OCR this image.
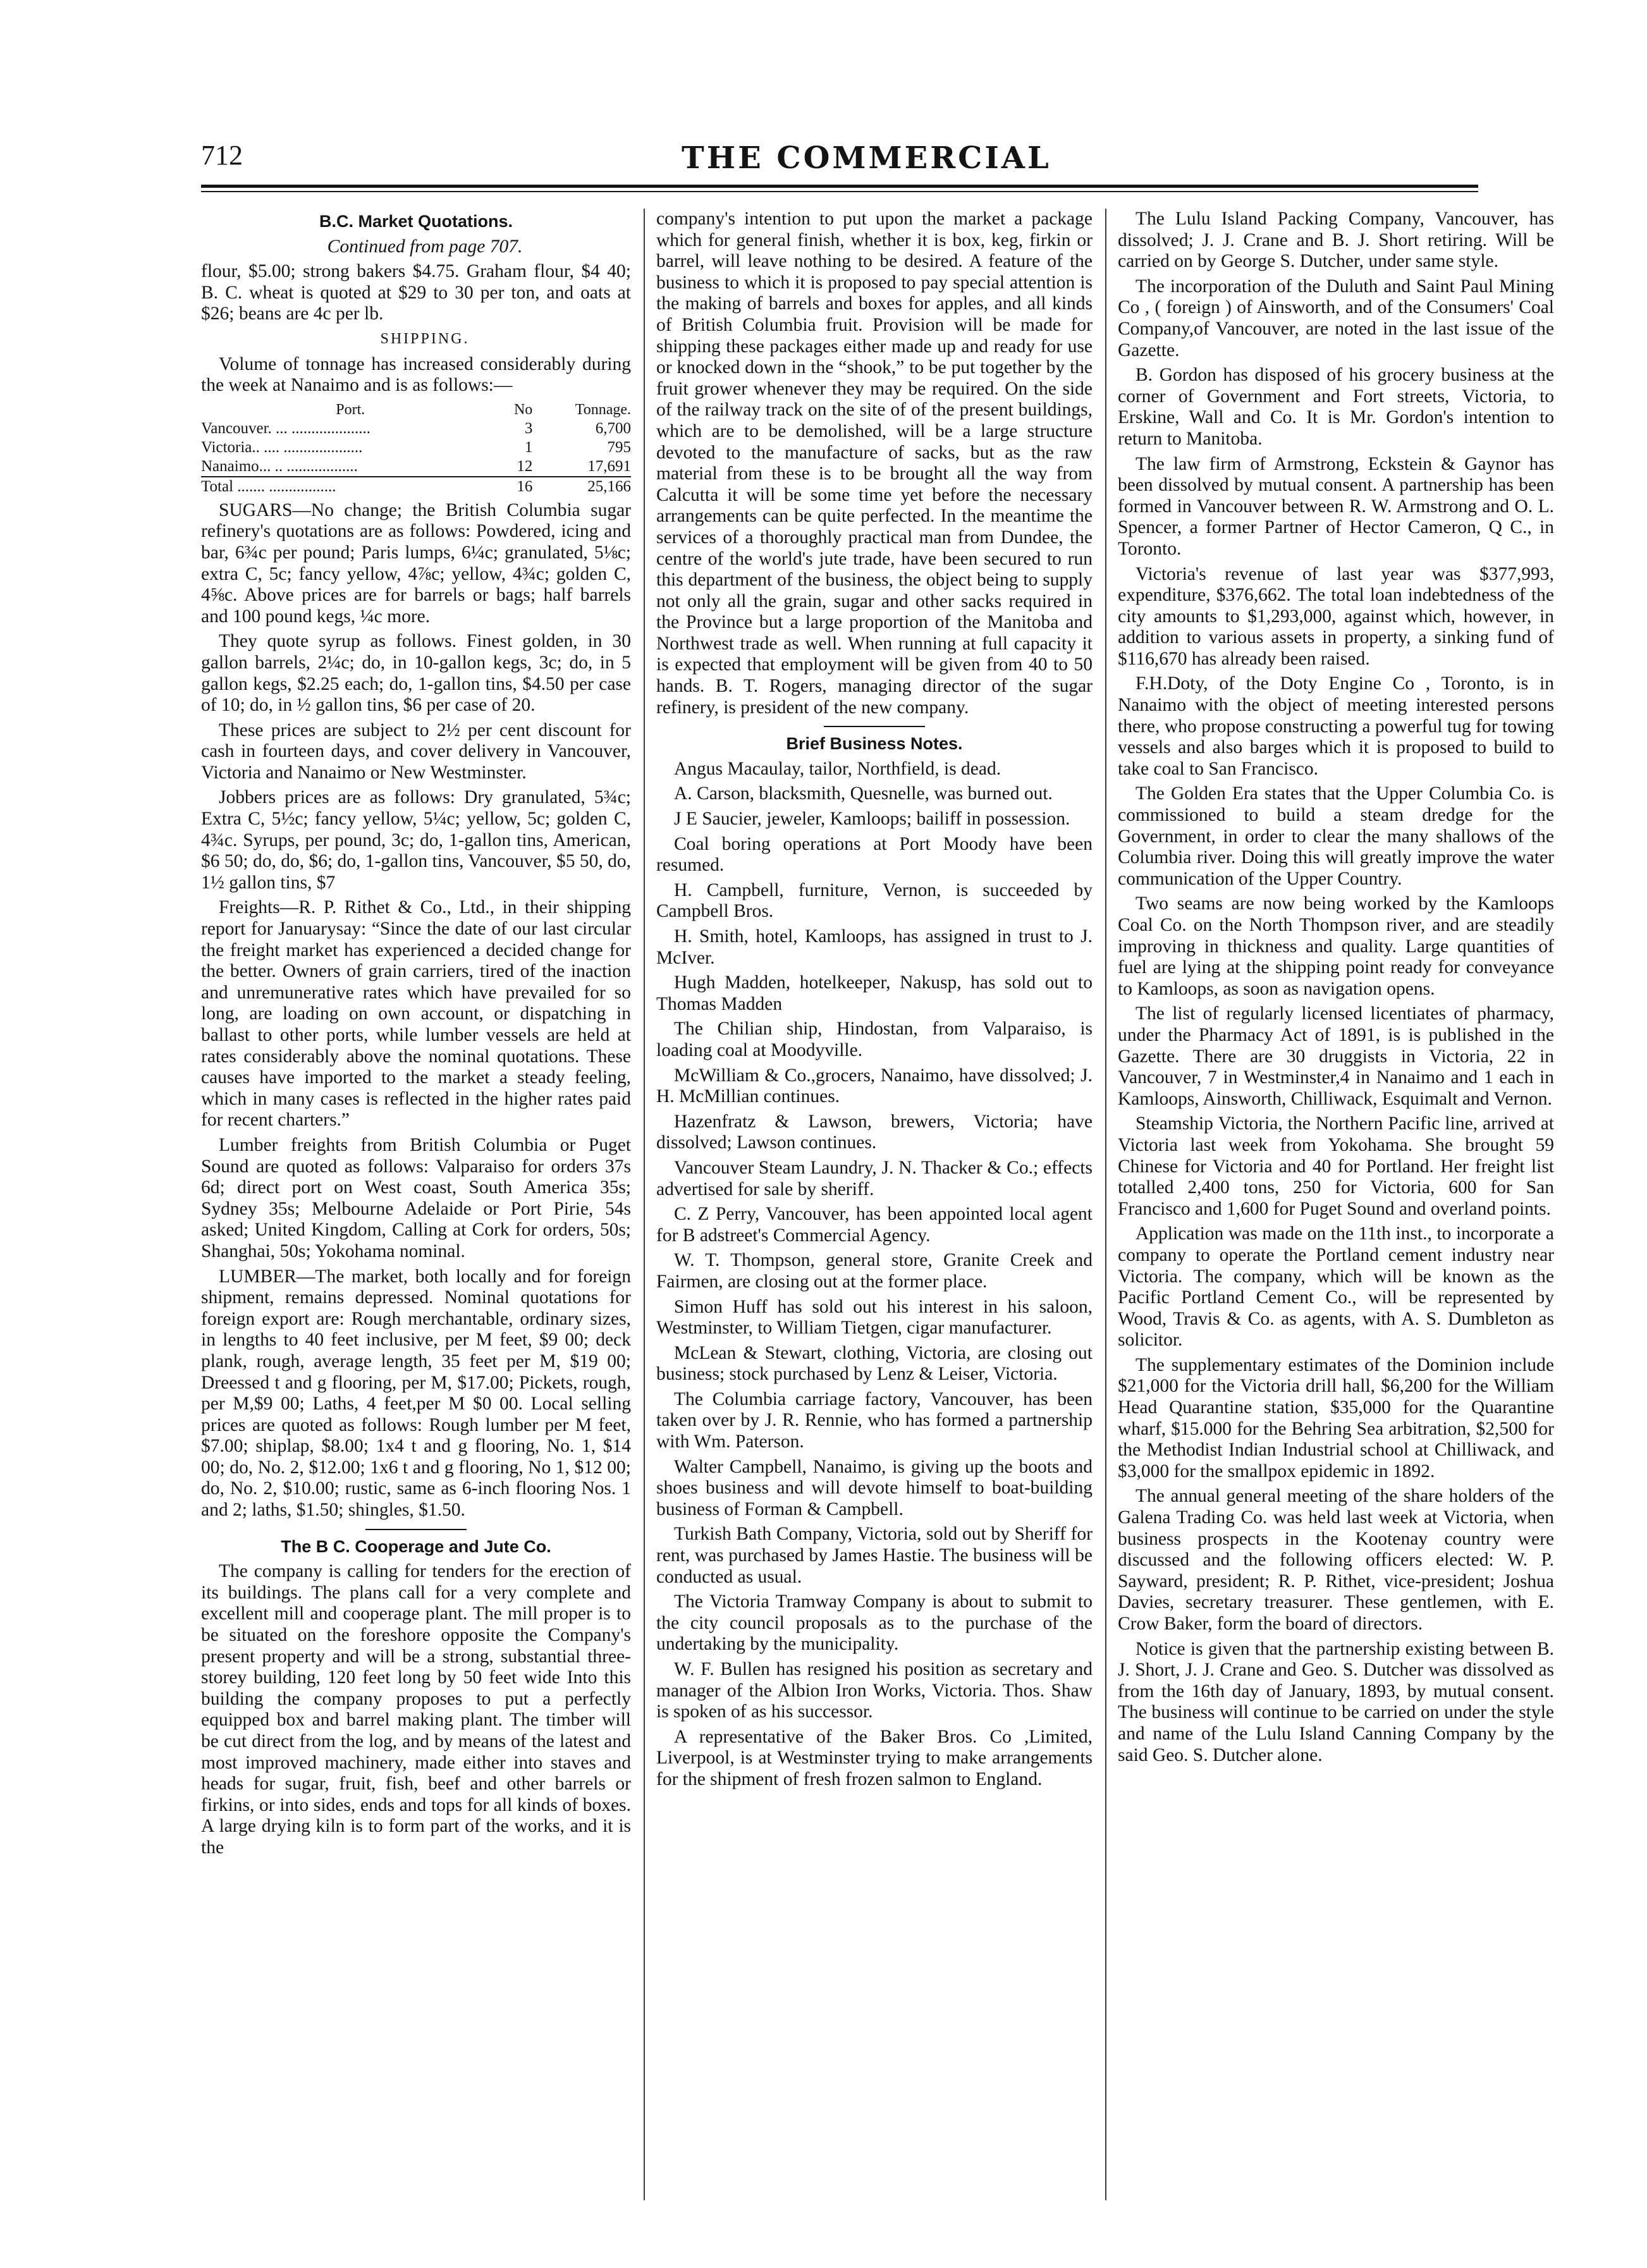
712	THE COMMERCIAL
B.C. Market Quotations.

Continued from page 707.

flour, $5.00; strong bakers $4.75. Graham flour, $4 40; B. C. wheat is quoted at $29 to 30 per ton, and oats at $26; beans are 4c per lb.

SHIPPING.

Volume of tonnage has increased considerably during the week at Nanaimo and is as follows:—

Port.	No	Tonnage.
Vancouver. ... ....................	3	6,700
Victoria.. .... ....................	1	795
Nanaimo... .. ..................	12	17,691
Total ....... .................	16	25,166

SUGARS—No change; the British Columbia sugar refinery's quotations are as follows: Powdered, icing and bar, 6¾c per pound; Paris lumps, 6¼c; granulated, 5⅛c; extra C, 5c; fancy yellow, 4⅞c; yellow, 4¾c; golden C, 4⅝c. Above prices are for barrels or bags; half barrels and 100 pound kegs, ¼c more.

They quote syrup as follows. Finest golden, in 30 gallon barrels, 2¼c; do, in 10-gallon kegs, 3c; do, in 5 gallon kegs, $2.25 each; do, 1-gallon tins, $4.50 per case of 10; do, in ½ gallon tins, $6 per case of 20.

These prices are subject to 2½ per cent discount for cash in fourteen days, and cover delivery in Vancouver, Victoria and Nanaimo or New Westminster.

Jobbers prices are as follows: Dry granulated, 5¾c; Extra C, 5½c; fancy yellow, 5¼c; yellow, 5c; golden C, 4¾c. Syrups, per pound, 3c; do, 1-gallon tins, American, $6 50; do, do, $6; do, 1-gallon tins, Vancouver, $5 50, do, 1½ gallon tins, $7

Freights—R. P. Rithet & Co., Ltd., in their shipping report for Januarysay: “Since the date of our last circular the freight market has experienced a decided change for the better. Owners of grain carriers, tired of the inaction and unremunerative rates which have prevailed for so long, are loading on own account, or dispatching in ballast to other ports, while lumber vessels are held at rates considerably above the nominal quotations. These causes have imported to the market a steady feeling, which in many cases is reflected in the higher rates paid for recent charters.”

Lumber freights from British Columbia or Puget Sound are quoted as follows: Valparaiso for orders 37s 6d; direct port on West coast, South America 35s; Sydney 35s; Melbourne Adelaide or Port Pirie, 54s asked; United Kingdom, Calling at Cork for orders, 50s; Shanghai, 50s; Yokohama nominal.

LUMBER—The market, both locally and for foreign shipment, remains depressed. Nominal quotations for foreign export are: Rough merchantable, ordinary sizes, in lengths to 40 feet inclusive, per M feet, $9 00; deck plank, rough, average length, 35 feet per M, $19 00; Dreessed t and g flooring, per M, $17.00; Pickets, rough, per M,$9 00; Laths, 4 feet,per M $0 00. Local selling prices are quoted as follows: Rough lumber per M feet, $7.00; shiplap, $8.00; 1x4 t and g flooring, No. 1, $14 00; do, No. 2, $12.00; 1x6 t and g flooring, No 1, $12 00; do, No. 2, $10.00; rustic, same as 6-inch flooring Nos. 1 and 2; laths, $1.50; shingles, $1.50.

The B C. Cooperage and Jute Co.

The company is calling for tenders for the erection of its buildings. The plans call for a very complete and excellent mill and cooperage plant. The mill proper is to be situated on the foreshore opposite the Company's present property and will be a strong, substantial three-storey building, 120 feet long by 50 feet wide Into this building the company proposes to put a perfectly equipped box and barrel making plant. The timber will be cut direct from the log, and by means of the latest and most improved machinery, made either into staves and heads for sugar, fruit, fish, beef and other barrels or firkins, or into sides, ends and tops for all kinds of boxes. A large drying kiln is to form part of the works, and it is the

company's intention to put upon the market a package which for general finish, whether it is box, keg, firkin or barrel, will leave nothing to be desired. A feature of the business to which it is proposed to pay special attention is the making of barrels and boxes for apples, and all kinds of British Columbia fruit. Provision will be made for shipping these packages either made up and ready for use or knocked down in the “shook,” to be put together by the fruit grower whenever they may be required. On the side of the railway track on the site of of the present buildings, which are to be demolished, will be a large structure devoted to the manufacture of sacks, but as the raw material from these is to be brought all the way from Calcutta it will be some time yet before the necessary arrangements can be quite perfected. In the meantime the services of a thoroughly practical man from Dundee, the centre of the world's jute trade, have been secured to run this department of the business, the object being to supply not only all the grain, sugar and other sacks required in the Province but a large proportion of the Manitoba and Northwest trade as well. When running at full capacity it is expected that employment will be given from 40 to 50 hands. B. T. Rogers, managing director of the sugar refinery, is president of the new company.

Brief Business Notes.

Angus Macaulay, tailor, Northfield, is dead.

A. Carson, blacksmith, Quesnelle, was burned out.

J E Saucier, jeweler, Kamloops; bailiff in possession.

Coal boring operations at Port Moody have been resumed.

H. Campbell, furniture, Vernon, is succeeded by Campbell Bros.

H. Smith, hotel, Kamloops, has assigned in trust to J. McIver.

Hugh Madden, hotelkeeper, Nakusp, has sold out to Thomas Madden

The Chilian ship, Hindostan, from Valparaiso, is loading coal at Moodyville.

McWilliam & Co.,grocers, Nanaimo, have dissolved; J. H. McMillian continues.

Hazenfratz & Lawson, brewers, Victoria; have dissolved; Lawson continues.

Vancouver Steam Laundry, J. N. Thacker & Co.; effects advertised for sale by sheriff.

C. Z Perry, Vancouver, has been appointed local agent for B adstreet's Commercial Agency.

W. T. Thompson, general store, Granite Creek and Fairmen, are closing out at the former place.

Simon Huff has sold out his interest in his saloon, Westminster, to William Tietgen, cigar manufacturer.

McLean & Stewart, clothing, Victoria, are closing out business; stock purchased by Lenz & Leiser, Victoria.

The Columbia carriage factory, Vancouver, has been taken over by J. R. Rennie, who has formed a partnership with Wm. Paterson.

Walter Campbell, Nanaimo, is giving up the boots and shoes business and will devote himself to boat-building business of Forman & Campbell.

Turkish Bath Company, Victoria, sold out by Sheriff for rent, was purchased by James Hastie. The business will be conducted as usual.

The Victoria Tramway Company is about to submit to the city council proposals as to the purchase of the undertaking by the municipality.

W. F. Bullen has resigned his position as secretary and manager of the Albion Iron Works, Victoria. Thos. Shaw is spoken of as his successor.

A representative of the Baker Bros. Co ,Limited, Liverpool, is at Westminster trying to make arrangements for the shipment of fresh frozen salmon to England.

The Lulu Island Packing Company, Vancouver, has dissolved; J. J. Crane and B. J. Short retiring. Will be carried on by George S. Dutcher, under same style.

The incorporation of the Duluth and Saint Paul Mining Co , ( foreign ) of Ainsworth, and of the Consumers' Coal Company,of Vancouver, are noted in the last issue of the Gazette.

B. Gordon has disposed of his grocery business at the corner of Government and Fort streets, Victoria, to Erskine, Wall and Co. It is Mr. Gordon's intention to return to Manitoba.

The law firm of Armstrong, Eckstein & Gaynor has been dissolved by mutual consent. A partnership has been formed in Vancouver between R. W. Armstrong and O. L. Spencer, a former Partner of Hector Cameron, Q C., in Toronto.

Victoria's revenue of last year was $377,993, expenditure, $376,662. The total loan indebtedness of the city amounts to $1,293,000, against which, however, in addition to various assets in property, a sinking fund of $116,670 has already been raised.

F.H.Doty, of the Doty Engine Co , Toronto, is in Nanaimo with the object of meeting interested persons there, who propose constructing a powerful tug for towing vessels and also barges which it is proposed to build to take coal to San Francisco.

The Golden Era states that the Upper Columbia Co. is commissioned to build a steam dredge for the Government, in order to clear the many shallows of the Columbia river. Doing this will greatly improve the water communication of the Upper Country.

Two seams are now being worked by the Kamloops Coal Co. on the North Thompson river, and are steadily improving in thickness and quality. Large quantities of fuel are lying at the shipping point ready for conveyance to Kamloops, as soon as navigation opens.

The list of regularly licensed licentiates of pharmacy, under the Pharmacy Act of 1891, is is published in the Gazette. There are 30 druggists in Victoria, 22 in Vancouver, 7 in Westminster,4 in Nanaimo and 1 each in Kamloops, Ainsworth, Chilliwack, Esquimalt and Vernon.

Steamship Victoria, the Northern Pacific line, arrived at Victoria last week from Yokohama. She brought 59 Chinese for Victoria and 40 for Portland. Her freight list totalled 2,400 tons, 250 for Victoria, 600 for San Francisco and 1,600 for Puget Sound and overland points.

Application was made on the 11th inst., to incorporate a company to operate the Portland cement industry near Victoria. The company, which will be known as the Pacific Portland Cement Co., will be represented by Wood, Travis & Co. as agents, with A. S. Dumbleton as solicitor.

The supplementary estimates of the Dominion include $21,000 for the Victoria drill hall, $6,200 for the William Head Quarantine station, $35,000 for the Quarantine wharf, $15.000 for the Behring Sea arbitration, $2,500 for the Methodist Indian Industrial school at Chilliwack, and $3,000 for the smallpox epidemic in 1892.

The annual general meeting of the share holders of the Galena Trading Co. was held last week at Victoria, when business prospects in the Kootenay country were discussed and the following officers elected: W. P. Sayward, president; R. P. Rithet, vice-president; Joshua Davies, secretary treasurer. These gentlemen, with E. Crow Baker, form the board of directors.

Notice is given that the partnership existing between B. J. Short, J. J. Crane and Geo. S. Dutcher was dissolved as from the 16th day of January, 1893, by mutual consent. The business will continue to be carried on under the style and name of the Lulu Island Canning Company by the said Geo. S. Dutcher alone.
